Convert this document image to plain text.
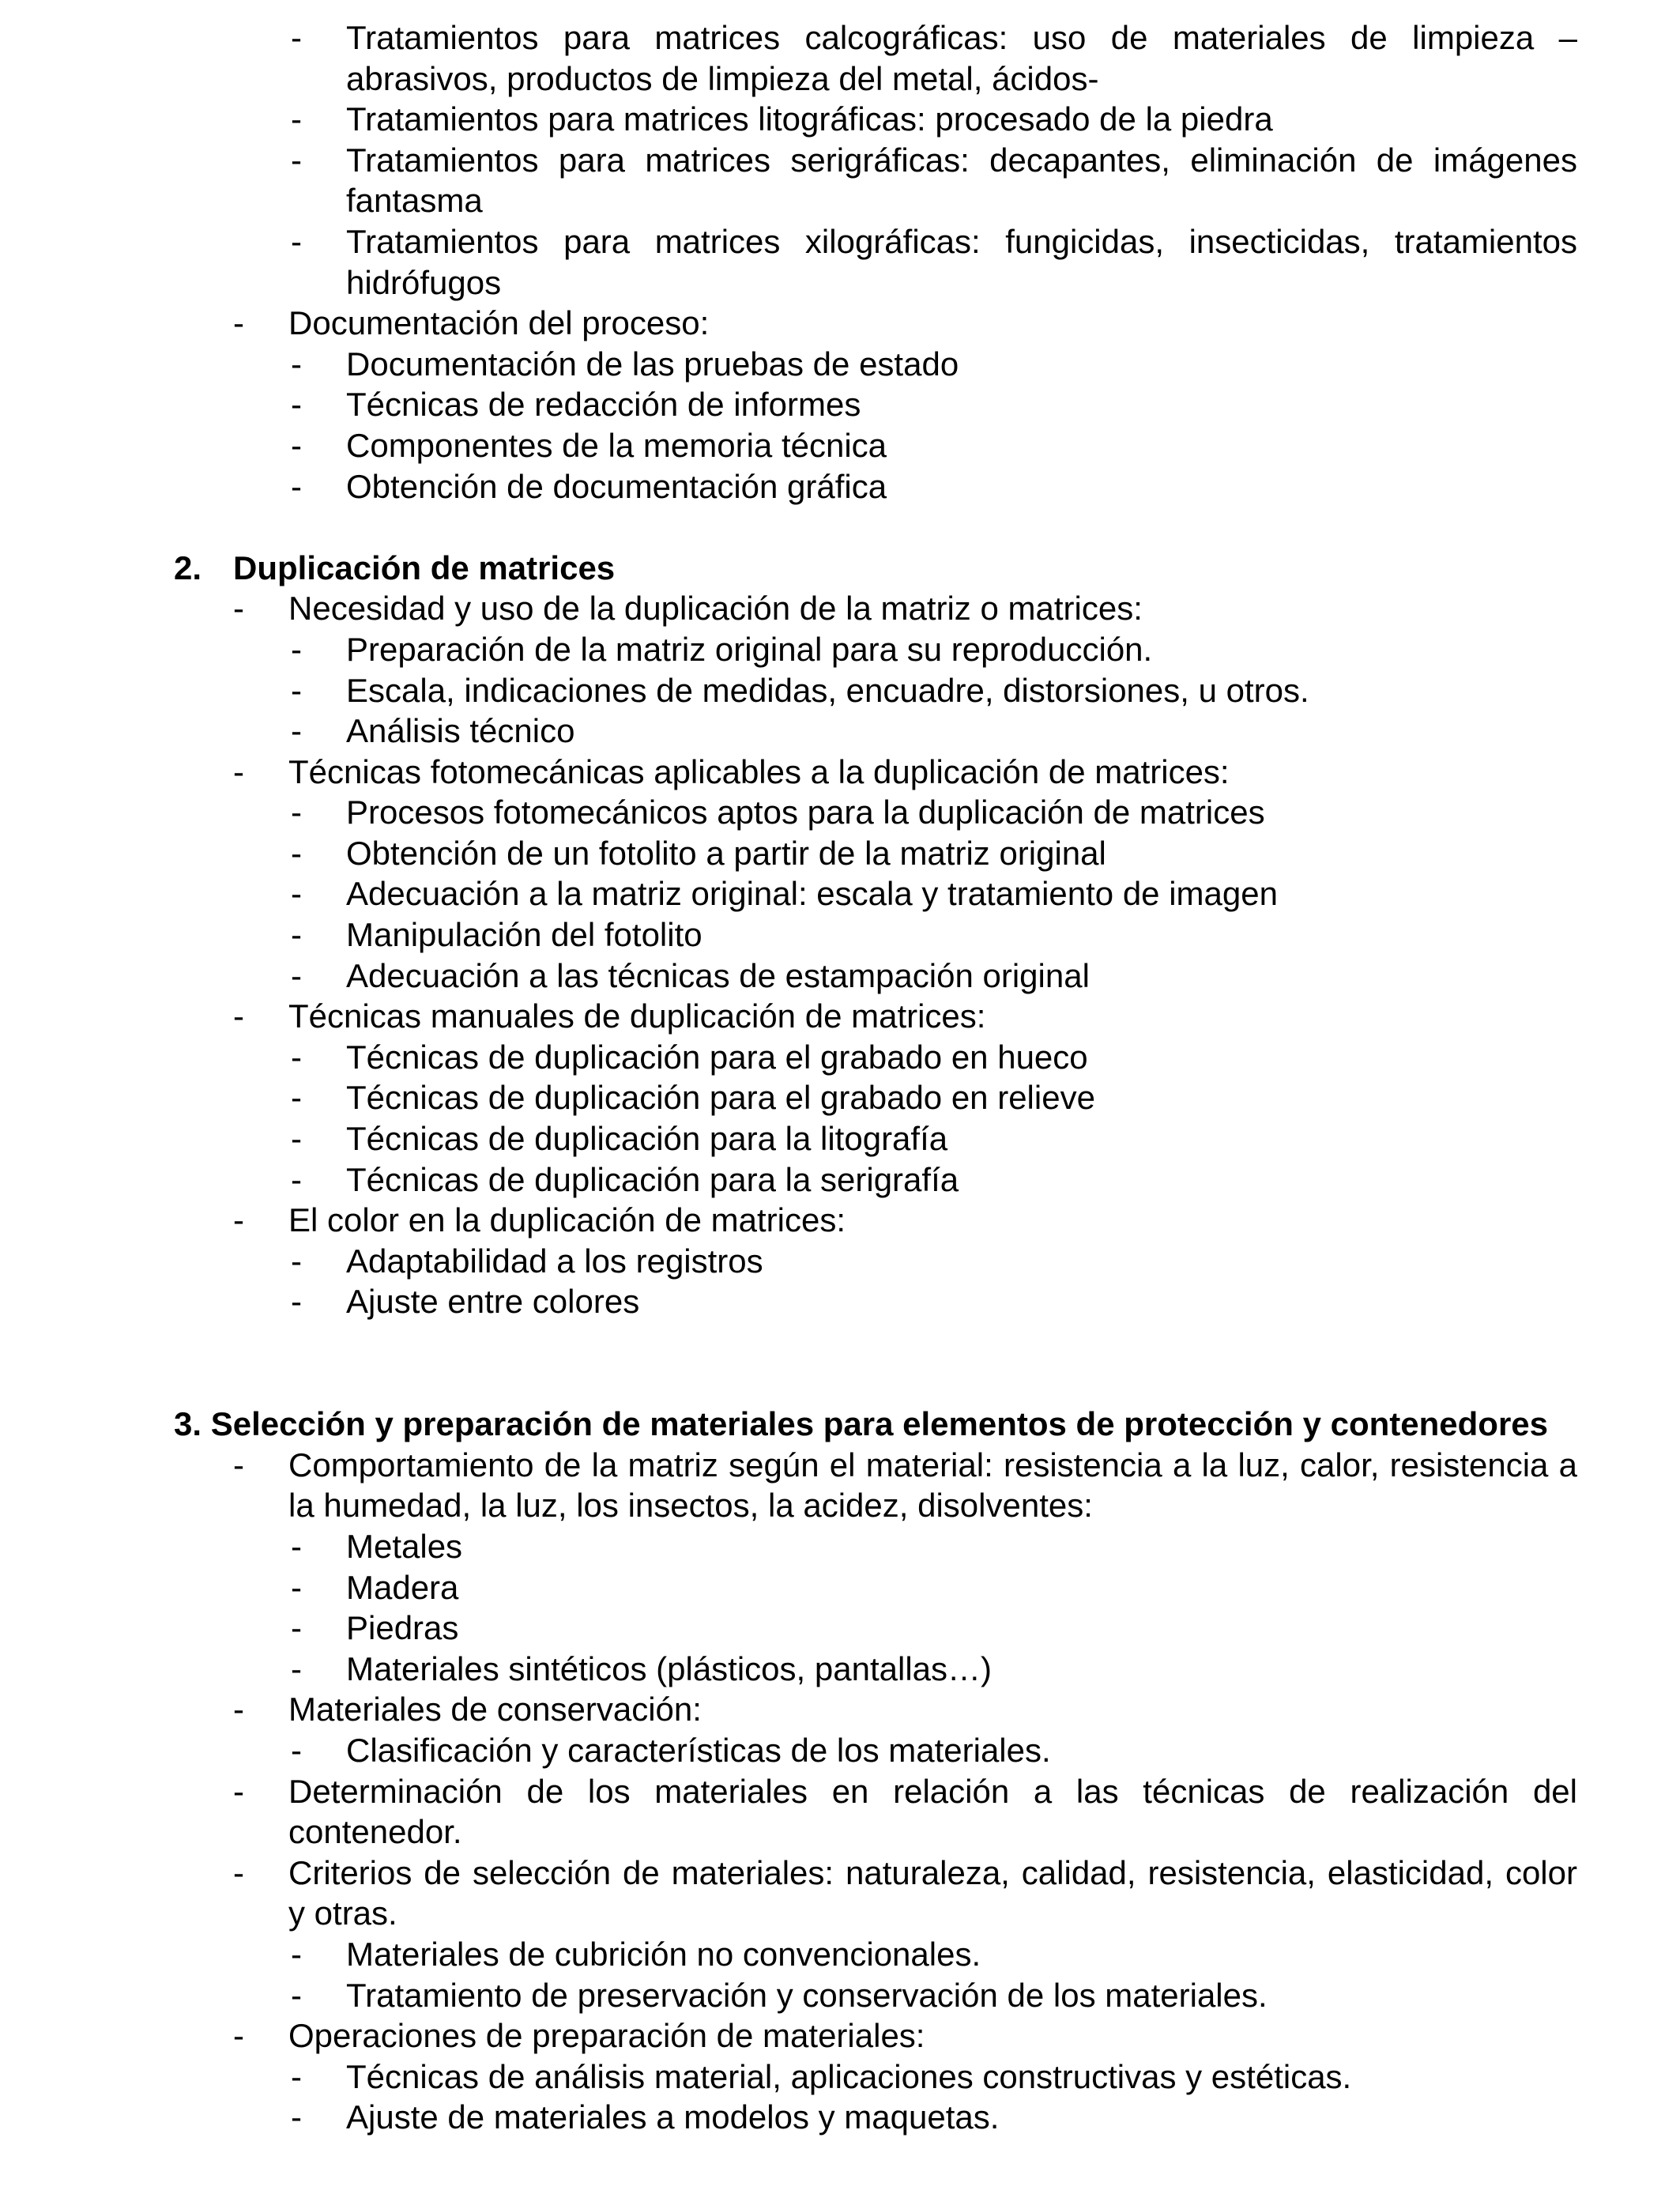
- Tratamientos para matrices calcográficas: uso de materiales de limpieza – abrasivos, productos de limpieza del metal, ácidos-
- Tratamientos para matrices litográficas: procesado de la piedra
- Tratamientos para matrices serigráficas: decapantes, eliminación de imágenes fantasma
- Tratamientos para matrices xilográficas: fungicidas, insecticidas, tratamientos hidrófugos
- Documentación del proceso:
- Documentación de las pruebas de estado
- Técnicas de redacción de informes
- Componentes de la memoria técnica
- Obtención de documentación gráfica
2. Duplicación de matrices
- Necesidad y uso de la duplicación de la matriz o matrices:
- Preparación de la matriz original para su reproducción.
- Escala, indicaciones de medidas, encuadre, distorsiones, u otros.
- Análisis técnico
- Técnicas fotomecánicas aplicables a la duplicación de matrices:
- Procesos fotomecánicos aptos para la duplicación de matrices
- Obtención de un fotolito a partir de la matriz original
- Adecuación a la matriz original: escala y tratamiento de imagen
- Manipulación del fotolito
- Adecuación a las técnicas de estampación original
- Técnicas manuales de duplicación de matrices:
- Técnicas de duplicación para el grabado en hueco
- Técnicas de duplicación para el grabado en relieve
- Técnicas de duplicación para la litografía
- Técnicas de duplicación para la serigrafía
- El color en la duplicación de matrices:
- Adaptabilidad a los registros
- Ajuste entre colores
3. Selección y preparación de materiales para elementos de protección y contenedores
- Comportamiento de la matriz según el material: resistencia a la luz, calor, resistencia a la humedad, la luz, los insectos, la acidez, disolventes:
- Metales
- Madera
- Piedras
- Materiales sintéticos (plásticos, pantallas…)
- Materiales de conservación:
- Clasificación y características de los materiales.
- Determinación de los materiales en relación a las técnicas de realización del contenedor.
- Criterios de selección de materiales: naturaleza, calidad, resistencia, elasticidad, color y otras.
- Materiales de cubrición no convencionales.
- Tratamiento de preservación y conservación de los materiales.
- Operaciones de preparación de materiales:
- Técnicas de análisis material, aplicaciones constructivas y estéticas.
- Ajuste de materiales a modelos y maquetas.
